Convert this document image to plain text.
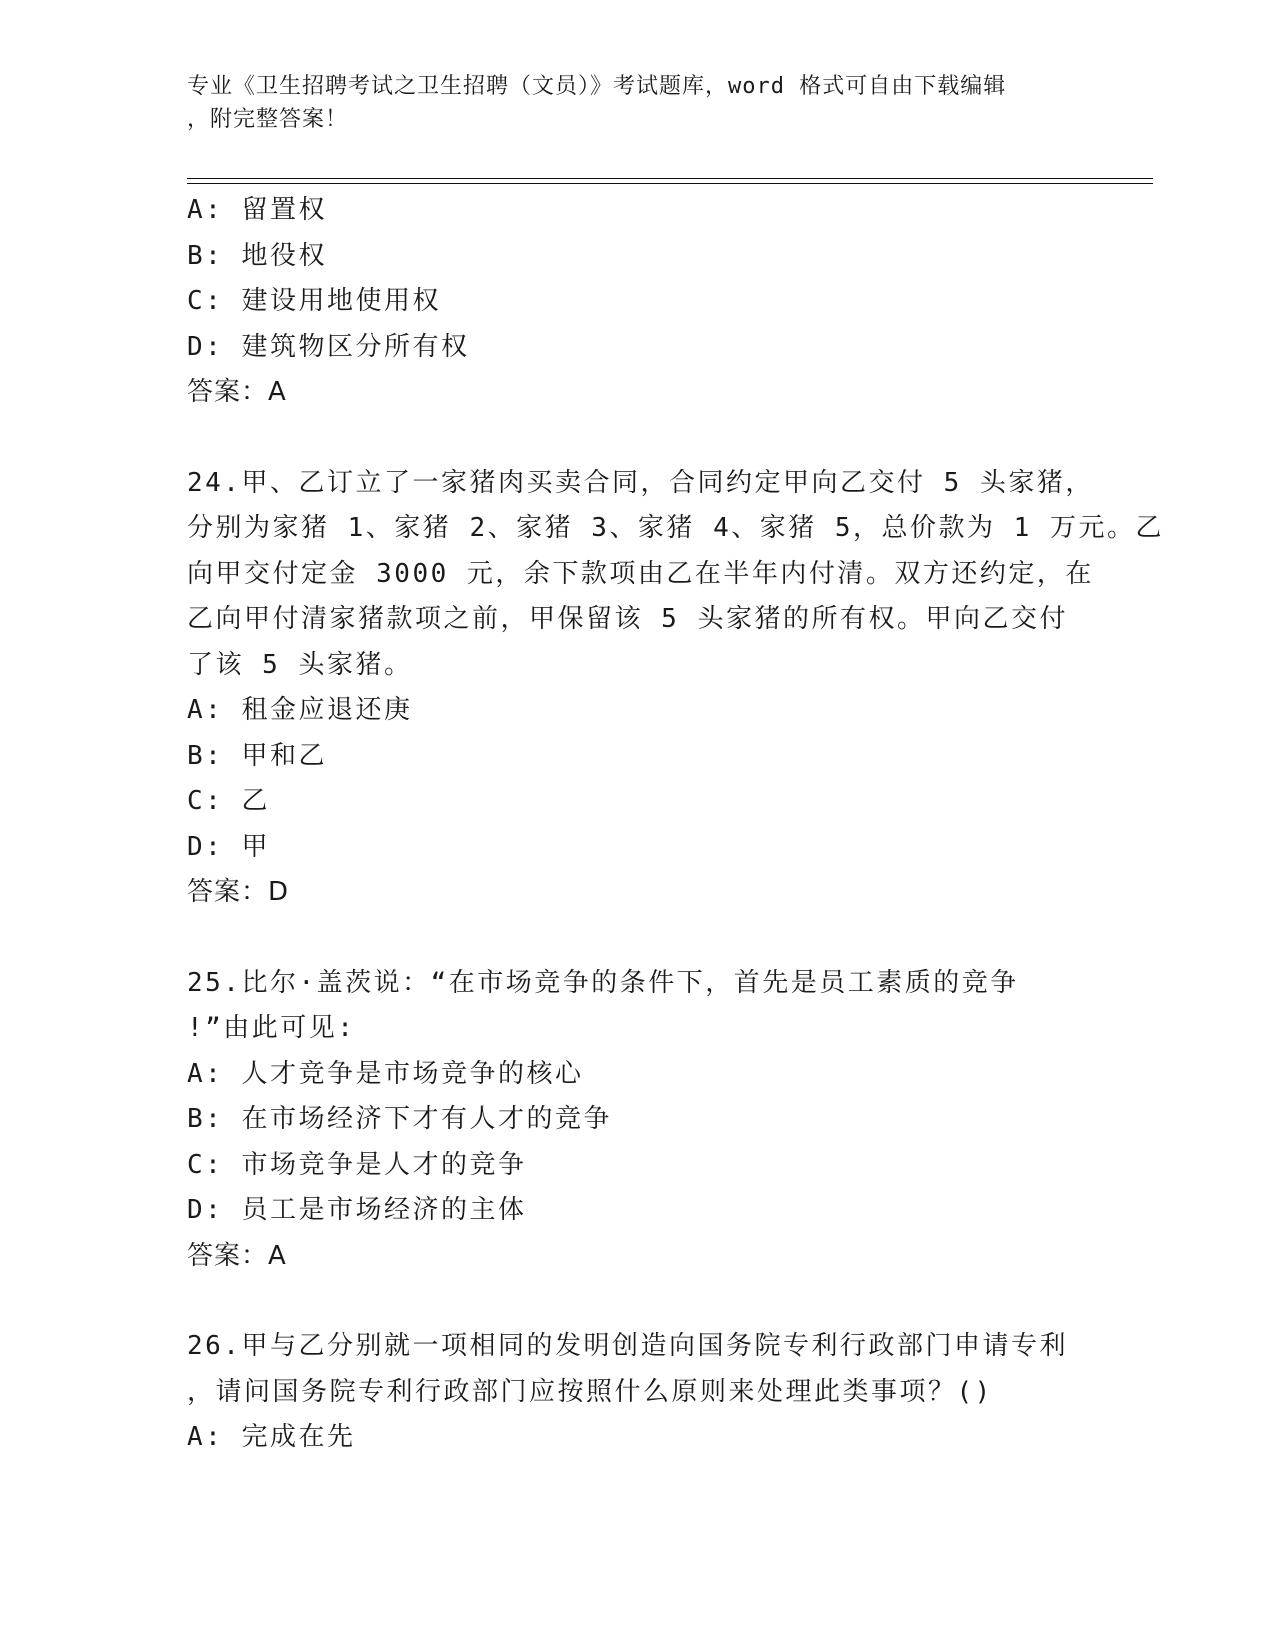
专业《卫生招聘考试之卫生招聘（文员）》考试题库，word 格式可自由下载编辑
，附完整答案！
A: 留置权
B: 地役权
C: 建设用地使用权
D: 建筑物区分所有权
答案：A
24.甲、乙订立了一家猪肉买卖合同，合同约定甲向乙交付 5 头家猪，
分别为家猪 1、家猪 2、家猪 3、家猪 4、家猪 5，总价款为 1 万元。乙
向甲交付定金 3000 元，余下款项由乙在半年内付清。双方还约定，在
乙向甲付清家猪款项之前，甲保留该 5 头家猪的所有权。甲向乙交付
了该 5 头家猪。
A: 租金应退还庚
B: 甲和乙
C: 乙
D: 甲
答案：D
25.比尔·盖茨说：“在市场竞争的条件下，首先是员工素质的竞争
!”由此可见:
A: 人才竞争是市场竞争的核心
B: 在市场经济下才有人才的竞争
C: 市场竞争是人才的竞争
D: 员工是市场经济的主体
答案：A
26.甲与乙分别就一项相同的发明创造向国务院专利行政部门申请专利
，请问国务院专利行政部门应按照什么原则来处理此类事项？()
A: 完成在先
